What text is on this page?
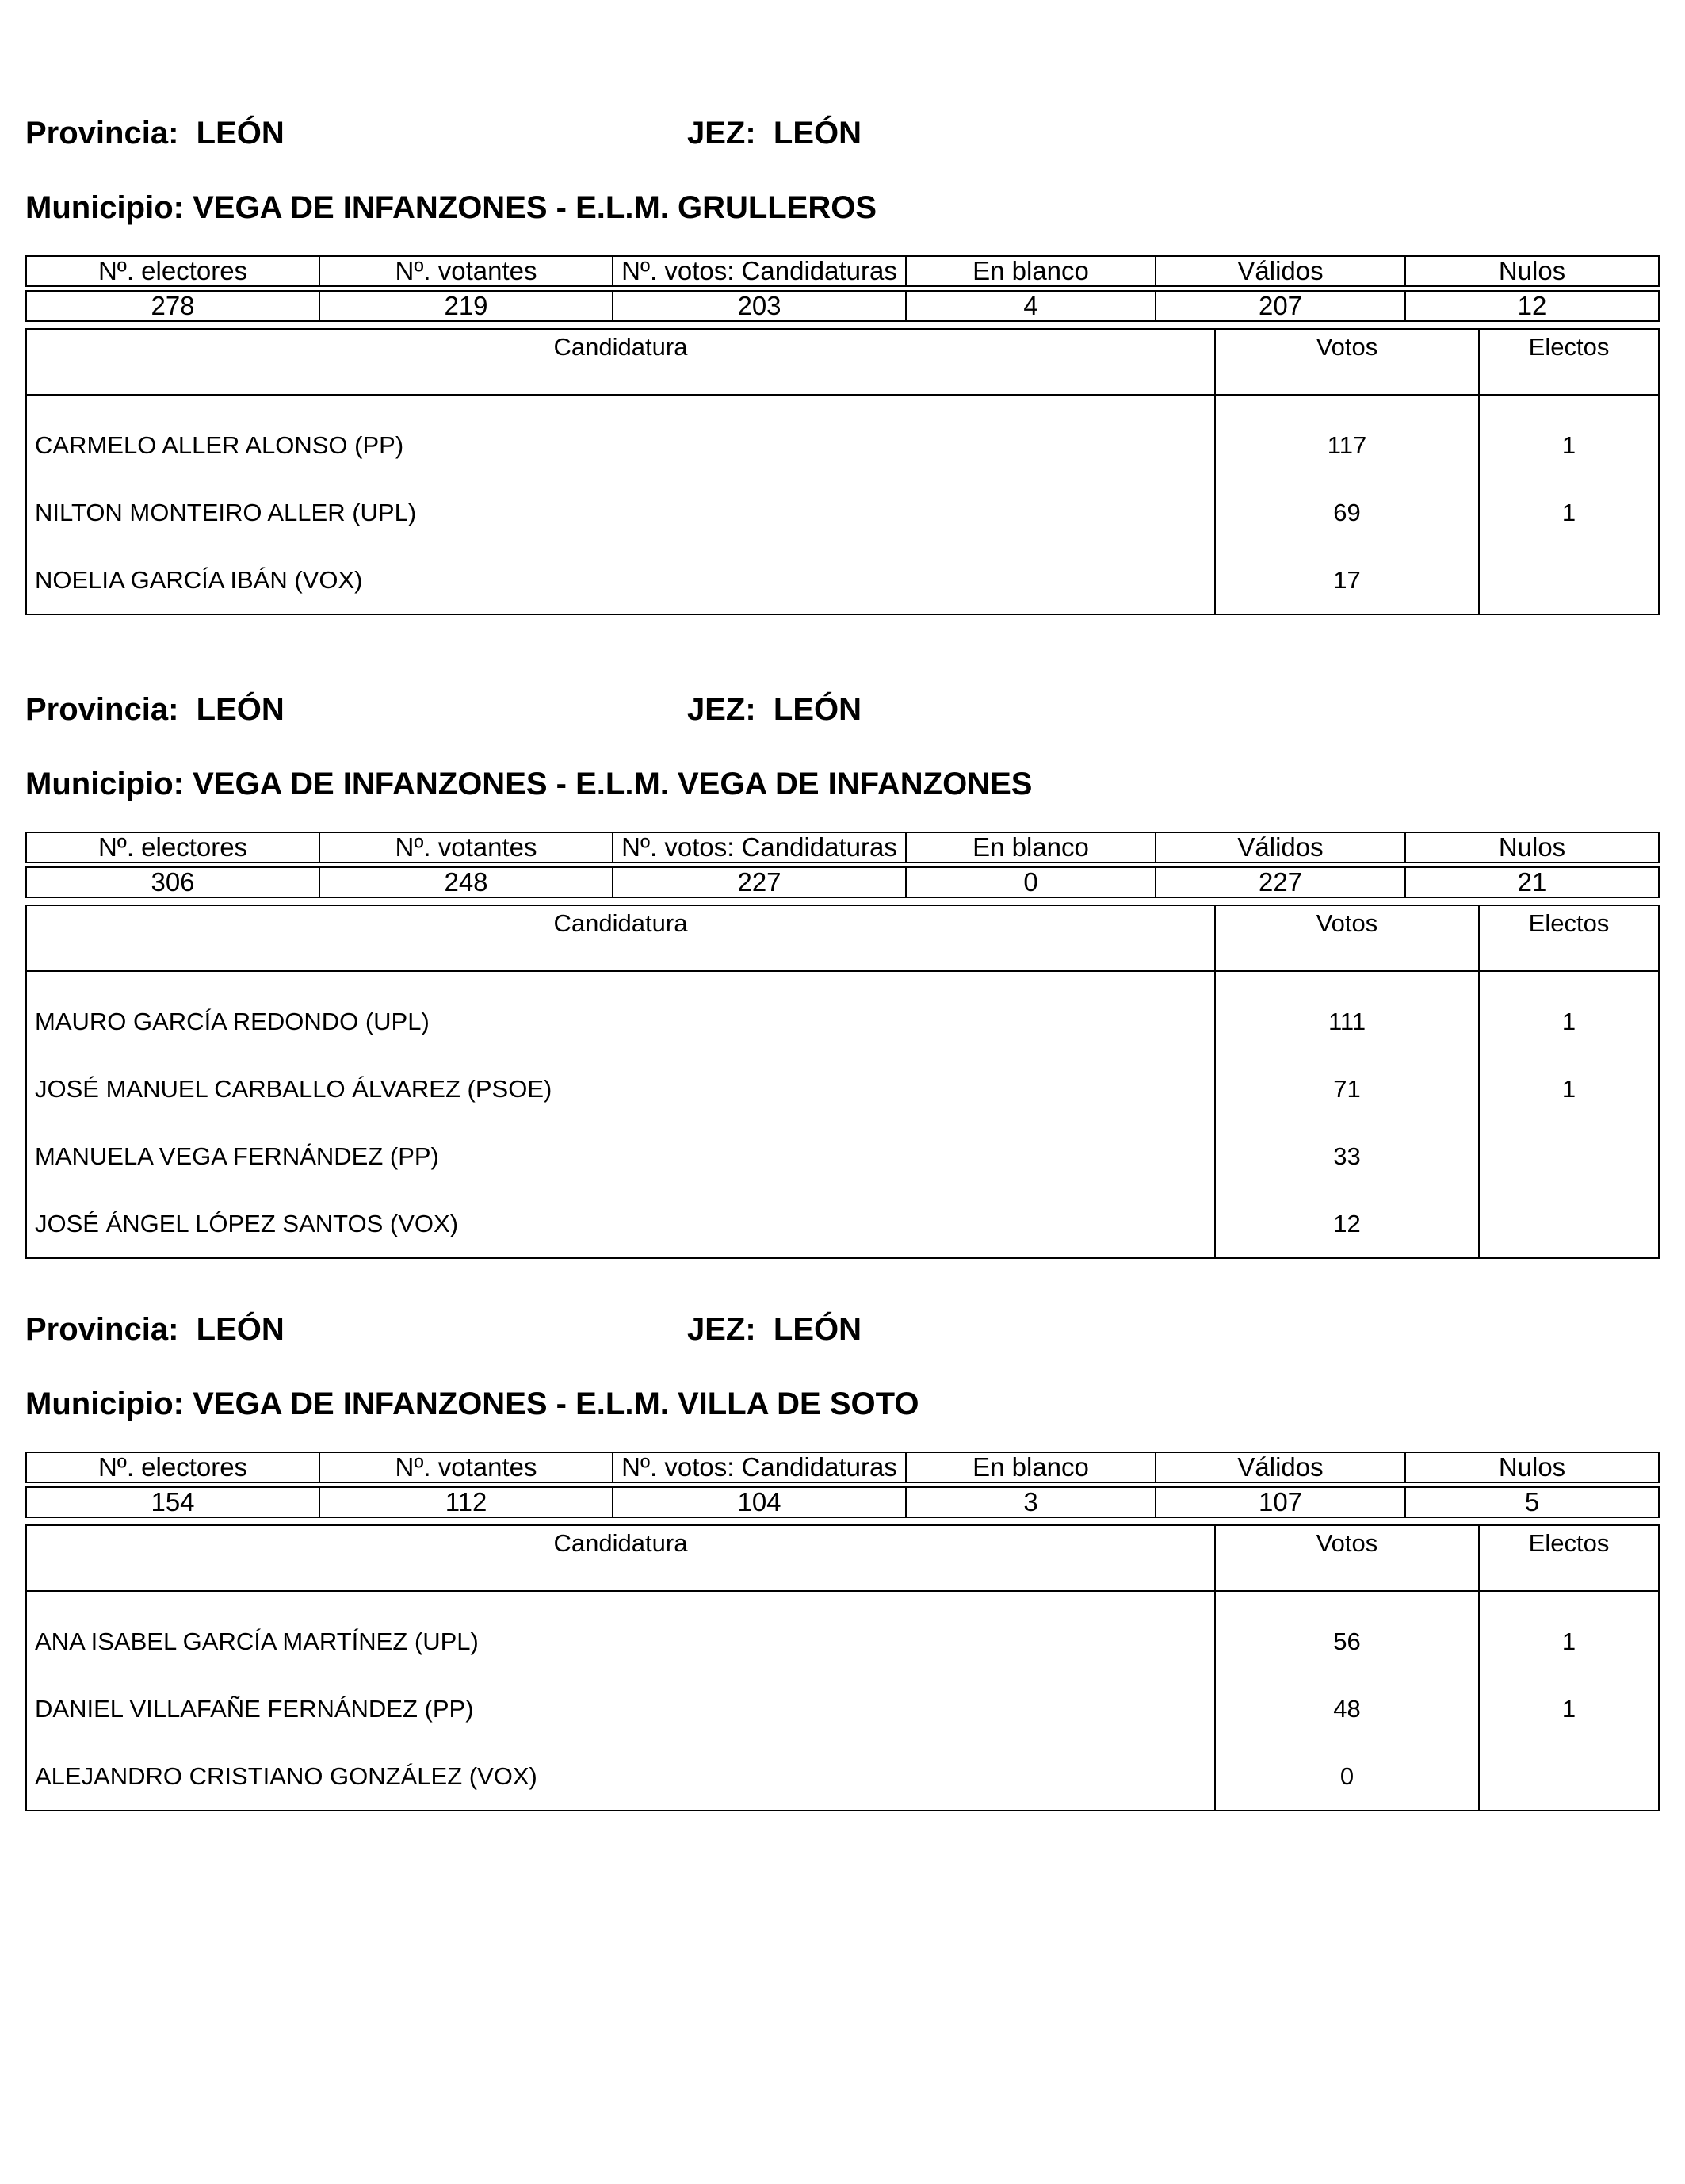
Provincia: LEÓN	JEZ: LEÓN
Municipio: VEGA DE INFANZONES - E.L.M. GRULLEROS
Nº. electores	Nº. votantes	Nº. votos: Candidaturas	En blanco	Válidos	Nulos

278	219	203	4	207	12
Candidatura	Votos	Electos
CARMELO ALLER ALONSO (PP)	117	1
NILTON MONTEIRO ALLER (UPL)	69	1
NOELIA GARCÍA IBÁN (VOX)	17	
Provincia: LEÓN	JEZ: LEÓN
Municipio: VEGA DE INFANZONES - E.L.M. VEGA DE INFANZONES
Nº. electores	Nº. votantes	Nº. votos: Candidaturas	En blanco	Válidos	Nulos

306	248	227	0	227	21
Candidatura	Votos	Electos
MAURO GARCÍA REDONDO (UPL)	111	1
JOSÉ MANUEL CARBALLO ÁLVAREZ (PSOE)	71	1
MANUELA VEGA FERNÁNDEZ (PP)	33	
JOSÉ ÁNGEL LÓPEZ SANTOS (VOX)	12	
Provincia: LEÓN	JEZ: LEÓN
Municipio: VEGA DE INFANZONES - E.L.M. VILLA DE SOTO
Nº. electores	Nº. votantes	Nº. votos: Candidaturas	En blanco	Válidos	Nulos

154	112	104	3	107	5
Candidatura	Votos	Electos
ANA ISABEL GARCÍA MARTÍNEZ (UPL)	56	1
DANIEL VILLAFAÑE FERNÁNDEZ (PP)	48	1
ALEJANDRO CRISTIANO GONZÁLEZ (VOX)	0	
